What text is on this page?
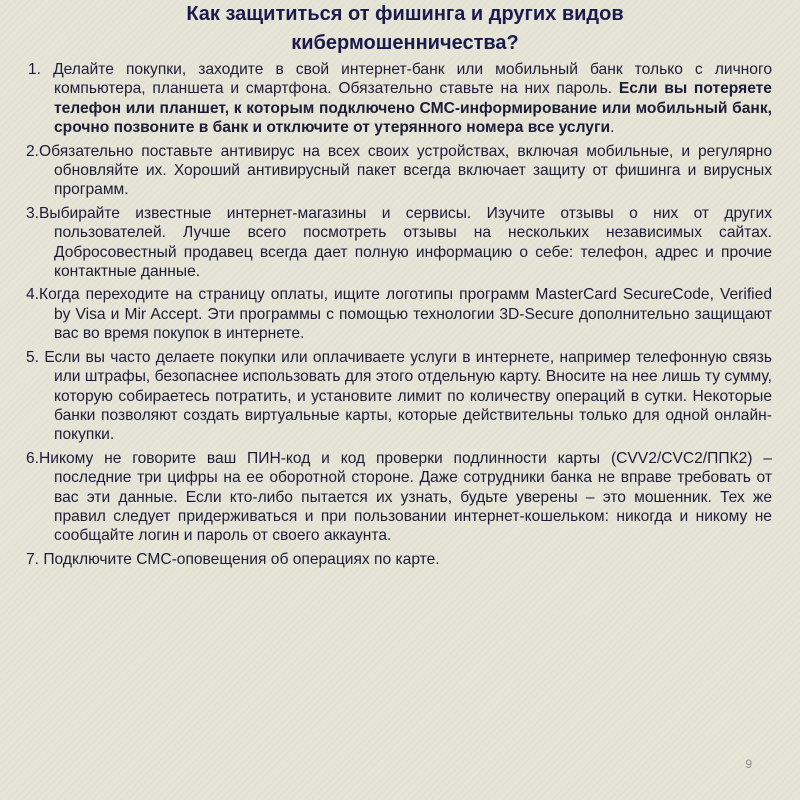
Как защититься от фишинга и других видов
кибермошенничества?

1. Делайте покупки, заходите в свой интернет-банк или мобильный банк только с личного компьютера, планшета и смартфона. Обязательно ставьте на них пароль. Если вы потеряете телефон или планшет, к которым подключено СМС-информирование или мобильный банк, срочно позвоните в банк и отключите от утерянного номера все услуги.

2.Обязательно поставьте антивирус на всех своих устройствах, включая мобильные, и регулярно обновляйте их. Хороший антивирусный пакет всегда включает защиту от фишинга и вирусных программ.

3.Выбирайте известные интернет-магазины и сервисы. Изучите отзывы о них от других пользователей. Лучше всего посмотреть отзывы на нескольких независимых сайтах. Добросовестный продавец всегда дает полную информацию о себе: телефон, адрес и прочие контактные данные.

4.Когда переходите на страницу оплаты, ищите логотипы программ MasterCard SecureCode, Verified by Visa и Mir Accept. Эти программы с помощью технологии 3D-Secure дополнительно защищают вас во время покупок в интернете.

5. Если вы часто делаете покупки или оплачиваете услуги в интернете, например телефонную связь или штрафы, безопаснее использовать для этого отдельную карту. Вносите на нее лишь ту сумму, которую собираетесь потратить, и установите лимит по количеству операций в сутки. Некоторые банки позволяют создать виртуальные карты, которые действительны только для одной онлайн-покупки.

6.Никому не говорите ваш ПИН-код и код проверки подлинности карты (CVV2/CVC2/ППК2) – последние три цифры на ее оборотной стороне. Даже сотрудники банка не вправе требовать от вас эти данные. Если кто-либо пытается их узнать, будьте уверены – это мошенник. Тех же правил следует придерживаться и при пользовании интернет-кошельком: никогда и никому не сообщайте логин и пароль от своего аккаунта.

7. Подключите СМС-оповещения об операциях по карте.

9
